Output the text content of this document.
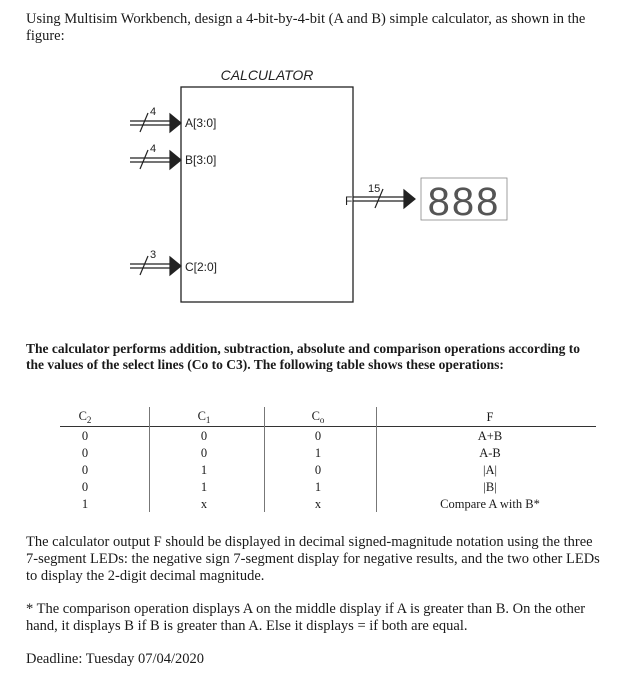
Using Multisim Workbench, design a 4-bit-by-4-bit (A and B) simple calculator, as shown in the figure:
CALCULATOR
4
A[3:0]
4
B[3:0]
3
C[2:0]
F
15 888
The calculator performs addition, subtraction, absolute and comparison operations according to the values of the select lines (Co to C3). The following table shows these operations:
$C_2$	$C_1$	$C_o$	F
0	0	0	A+B
0	0	1	A-B
0	1	0	|A|
0	1	1	|B|
1	x	x	Compare A with B*
The calculator output F should be displayed in decimal signed-magnitude notation using the three 7-segment LEDs: the negative sign 7-segment display for negative results, and the two other LEDs to display the 2-digit decimal magnitude.
* The comparison operation displays A on the middle display if A is greater than B. On the other hand, it displays B if B is greater than A. Else it displays = if both are equal.
Deadline: Tuesday 07/04/2020
